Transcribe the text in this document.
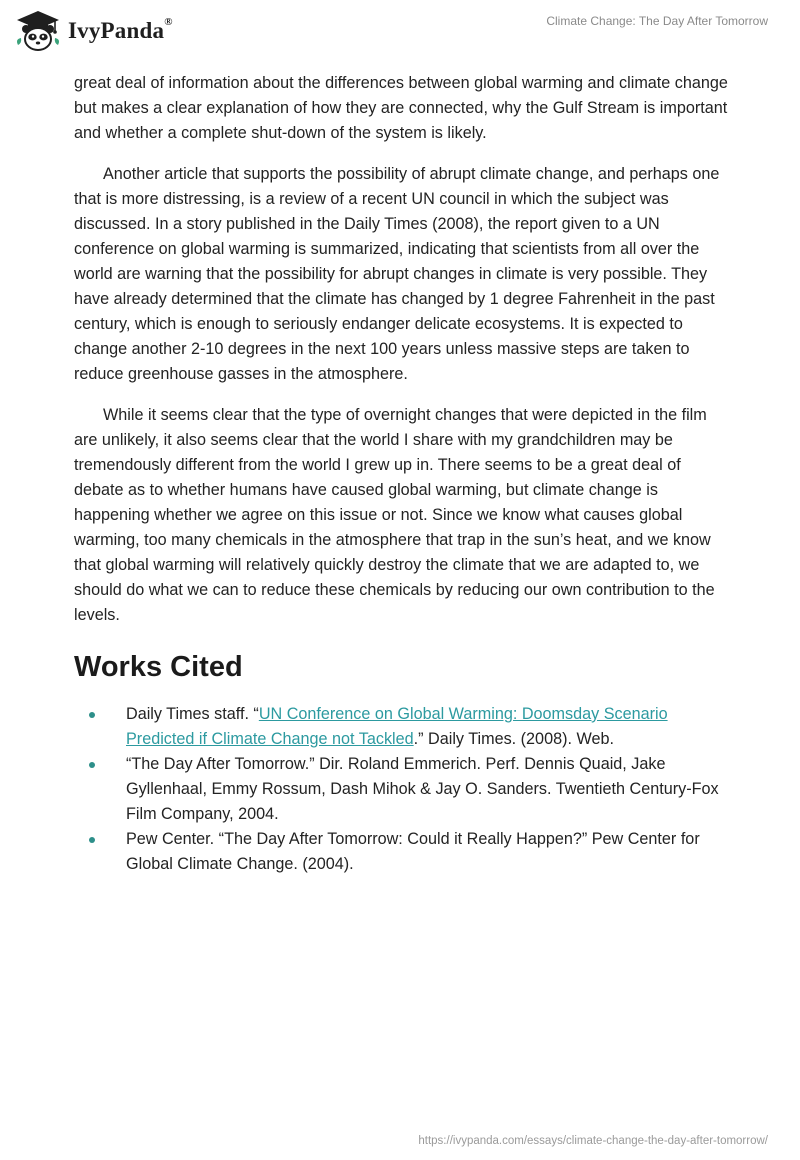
IvyPanda®	Climate Change: The Day After Tomorrow

great deal of information about the differences between global warming and climate change but makes a clear explanation of how they are connected, why the Gulf Stream is important and whether a complete shut-down of the system is likely.

Another article that supports the possibility of abrupt climate change, and perhaps one that is more distressing, is a review of a recent UN council in which the subject was discussed. In a story published in the Daily Times (2008), the report given to a UN conference on global warming is summarized, indicating that scientists from all over the world are warning that the possibility for abrupt changes in climate is very possible. They have already determined that the climate has changed by 1 degree Fahrenheit in the past century, which is enough to seriously endanger delicate ecosystems. It is expected to change another 2-10 degrees in the next 100 years unless massive steps are taken to reduce greenhouse gasses in the atmosphere.

While it seems clear that the type of overnight changes that were depicted in the film are unlikely, it also seems clear that the world I share with my grandchildren may be tremendously different from the world I grew up in. There seems to be a great deal of debate as to whether humans have caused global warming, but climate change is happening whether we agree on this issue or not. Since we know what causes global warming, too many chemicals in the atmosphere that trap in the sun’s heat, and we know that global warming will relatively quickly destroy the climate that we are adapted to, we should do what we can to reduce these chemicals by reducing our own contribution to the levels.

Works Cited
Daily Times staff. “UN Conference on Global Warming: Doomsday Scenario Predicted if Climate Change not Tackled.” Daily Times. (2008). Web.
“The Day After Tomorrow.” Dir. Roland Emmerich. Perf. Dennis Quaid, Jake Gyllenhaal, Emmy Rossum, Dash Mihok & Jay O. Sanders. Twentieth Century-Fox Film Company, 2004.
Pew Center. “The Day After Tomorrow: Could it Really Happen?” Pew Center for Global Climate Change. (2004).
https://ivypanda.com/essays/climate-change-the-day-after-tomorrow/
